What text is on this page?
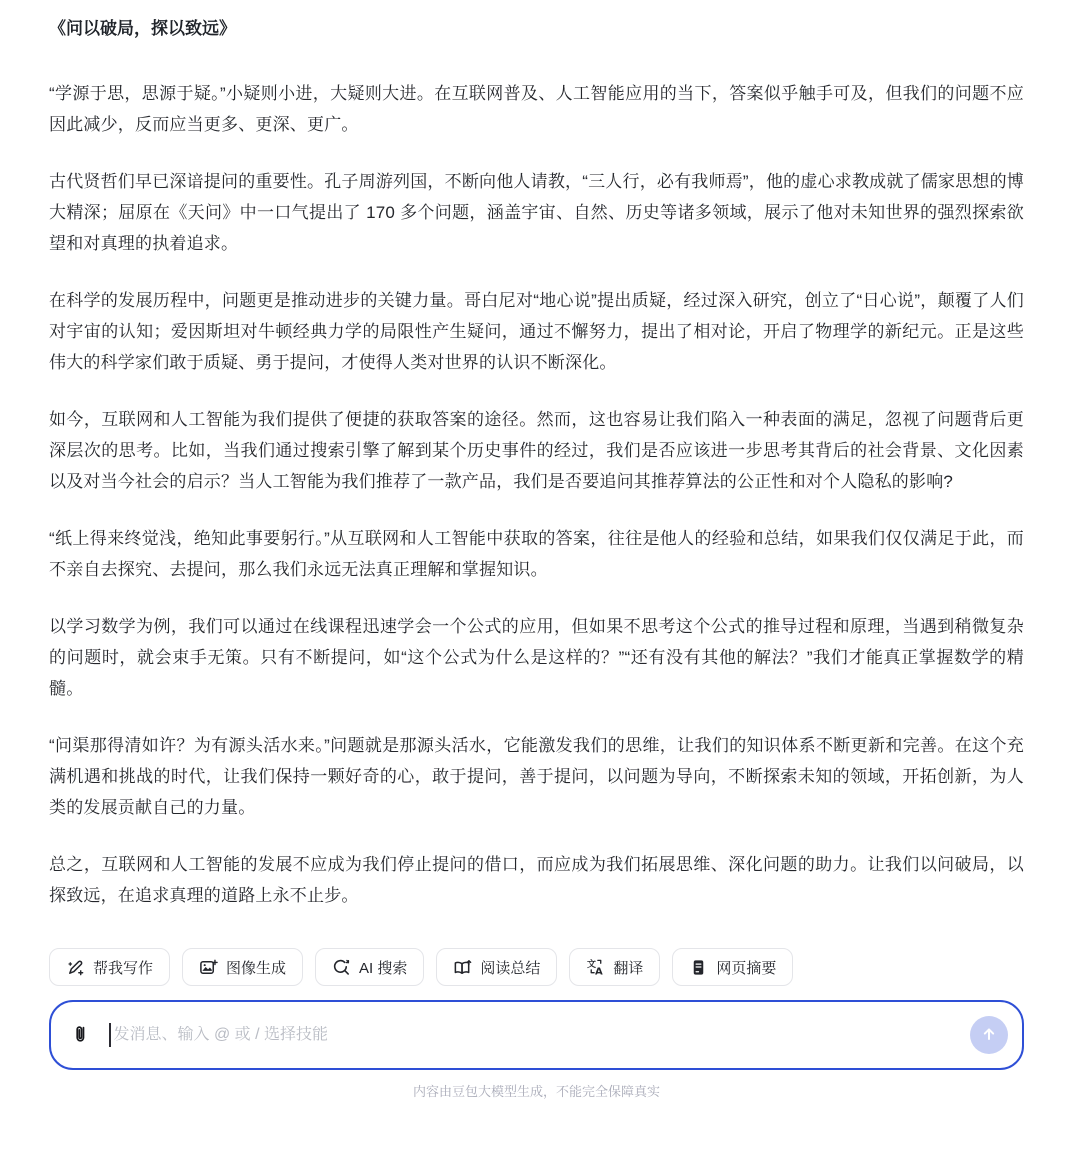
《问以破局，探以致远》

“学源于思，思源于疑。”小疑则小进，大疑则大进。在互联网普及、人工智能应用的当下，答案似乎触手可及，但我们的问题不应因此减少，反而应当更多、更深、更广。

古代贤哲们早已深谙提问的重要性。孔子周游列国，不断向他人请教，“三人行，必有我师焉”，他的虚心求教成就了儒家思想的博大精深；屈原在《天问》中一口气提出了 170 多个问题，涵盖宇宙、自然、历史等诸多领域，展示了他对未知世界的强烈探索欲望和对真理的执着追求。

在科学的发展历程中，问题更是推动进步的关键力量。哥白尼对“地心说”提出质疑，经过深入研究，创立了“日心说”，颠覆了人们对宇宙的认知；爱因斯坦对牛顿经典力学的局限性产生疑问，通过不懈努力，提出了相对论，开启了物理学的新纪元。正是这些伟大的科学家们敢于质疑、勇于提问，才使得人类对世界的认识不断深化。

如今，互联网和人工智能为我们提供了便捷的获取答案的途径。然而，这也容易让我们陷入一种表面的满足，忽视了问题背后更深层次的思考。比如，当我们通过搜索引擎了解到某个历史事件的经过，我们是否应该进一步思考其背后的社会背景、文化因素以及对当今社会的启示？当人工智能为我们推荐了一款产品，我们是否要追问其推荐算法的公正性和对个人隐私的影响?

“纸上得来终觉浅，绝知此事要躬行。”从互联网和人工智能中获取的答案，往往是他人的经验和总结，如果我们仅仅满足于此，而不亲自去探究、去提问，那么我们永远无法真正理解和掌握知识。

以学习数学为例，我们可以通过在线课程迅速学会一个公式的应用，但如果不思考这个公式的推导过程和原理，当遇到稍微复杂的问题时，就会束手无策。只有不断提问，如“这个公式为什么是这样的？”“还有没有其他的解法？”我们才能真正掌握数学的精髓。

“问渠那得清如许？为有源头活水来。”问题就是那源头活水，它能激发我们的思维，让我们的知识体系不断更新和完善。在这个充满机遇和挑战的时代，让我们保持一颗好奇的心，敢于提问，善于提问，以问题为导向，不断探索未知的领域，开拓创新，为人类的发展贡献自己的力量。

总之，互联网和人工智能的发展不应成为我们停止提问的借口，而应成为我们拓展思维、深化问题的助力。让我们以问破局，以探致远，在追求真理的道路上永不止步。

帮我写作	图像生成	AI 搜索	阅读总结	文
A 翻译	网页摘要
发消息、输入 @ 或 / 选择技能
内容由豆包大模型生成，不能完全保障真实
